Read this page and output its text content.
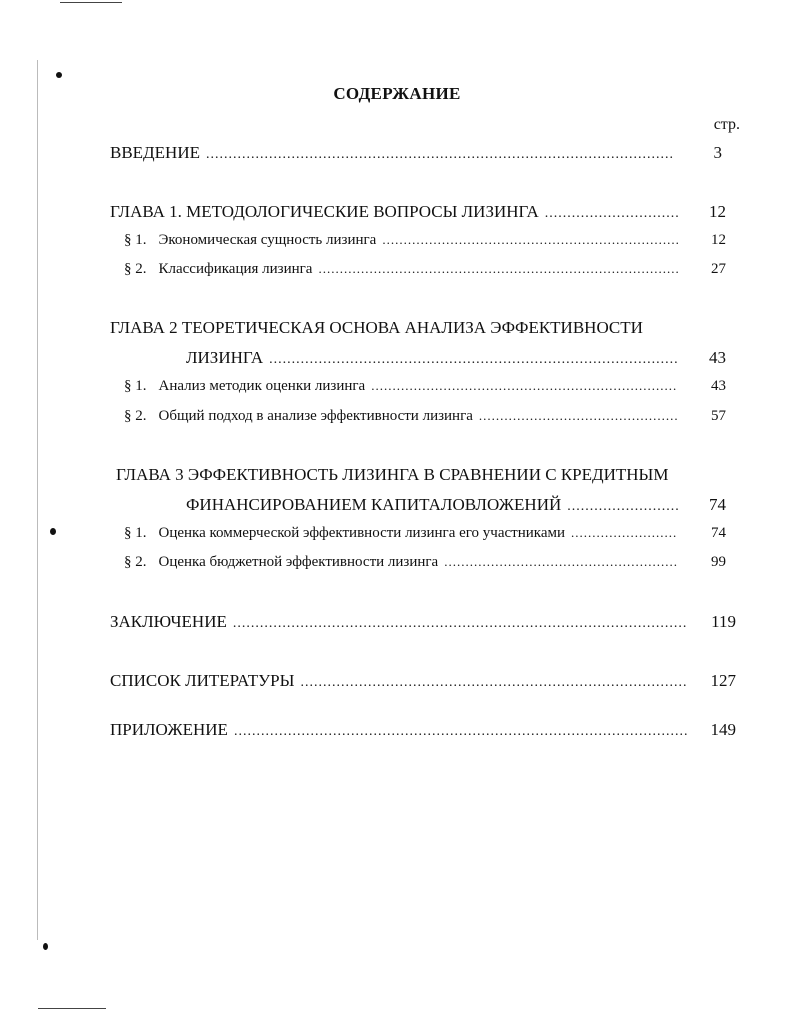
СОДЕРЖАНИЕ
стр.
ВВЕДЕНИЕ .....	3
ГЛАВА 1. МЕТОДОЛОГИЧЕСКИЕ ВОПРОСЫ ЛИЗИНГА .....	12
§ 1. Экономическая сущность лизинга .....	12
§ 2. Классификация лизинга .....	27
ГЛАВА 2 ТЕОРЕТИЧЕСКАЯ ОСНОВА АНАЛИЗА ЭФФЕКТИВНОСТИ
ЛИЗИНГА .....	43
§ 1. Анализ методик оценки лизинга .....	43
§ 2. Общий подход в анализе эффективности лизинга .....	57
ГЛАВА 3 ЭФФЕКТИВНОСТЬ ЛИЗИНГА В СРАВНЕНИИ С КРЕДИТНЫМ
ФИНАНСИРОВАНИЕМ КАПИТАЛОВЛОЖЕНИЙ .....	74
§ 1. Оценка коммерческой эффективности лизинга его участниками .....	74
§ 2. Оценка бюджетной эффективности лизинга .....	99
ЗАКЛЮЧЕНИЕ .....	119
СПИСОК ЛИТЕРАТУРЫ .....	127
ПРИЛОЖЕНИЕ .....	149
